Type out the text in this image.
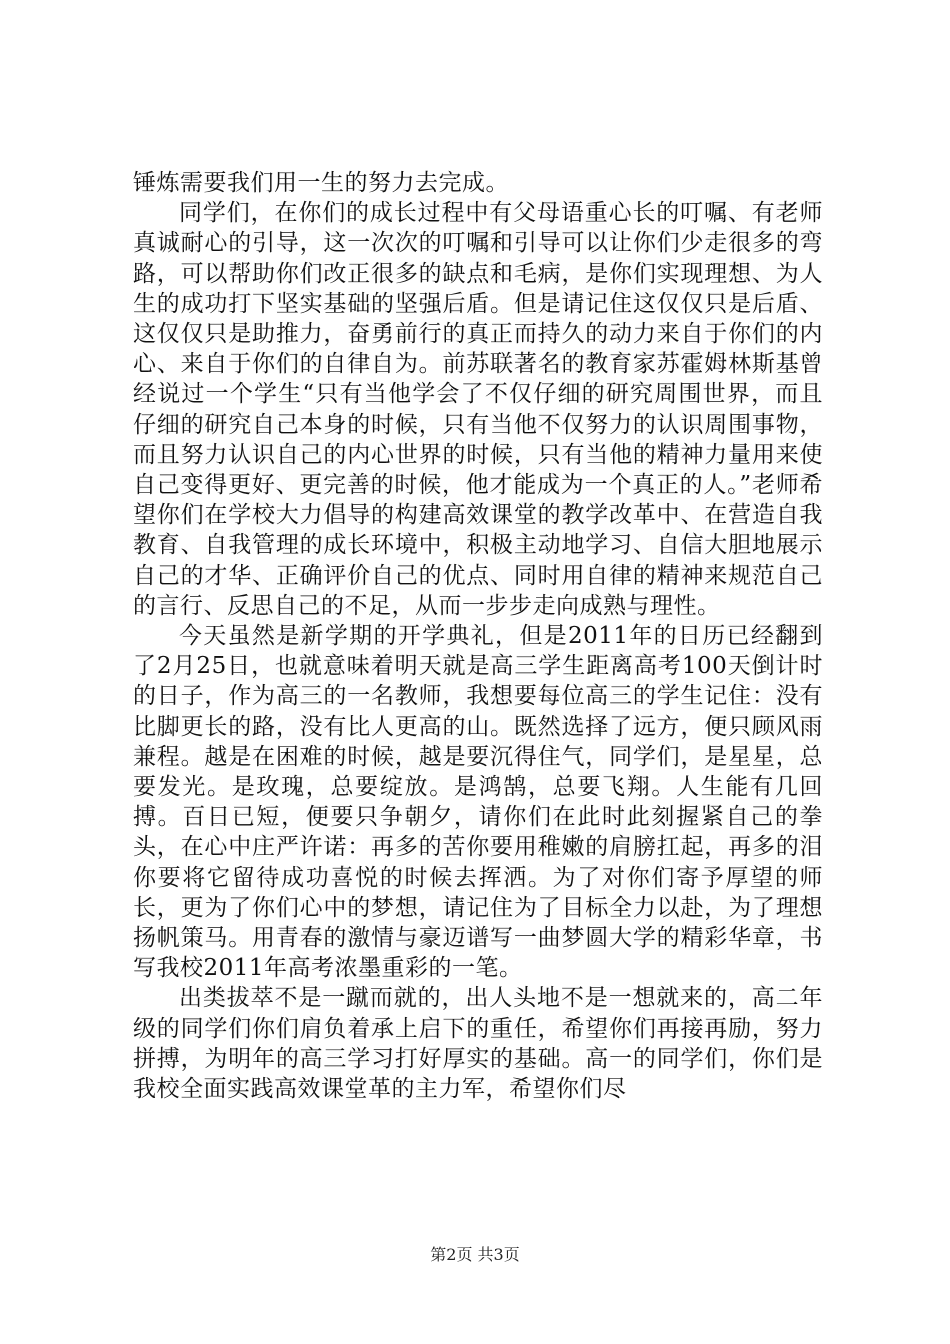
锤炼需要我们用一生的努力去完成。

同学们，在你们的成长过程中有父母语重心长的叮嘱、有老师真诚耐心的引导，这一次次的叮嘱和引导可以让你们少走很多的弯路，可以帮助你们改正很多的缺点和毛病，是你们实现理想、为人生的成功打下坚实基础的坚强后盾。但是请记住这仅仅只是后盾、这仅仅只是助推力，奋勇前行的真正而持久的动力来自于你们的内心、来自于你们的自律自为。前苏联著名的教育家苏霍姆林斯基曾经说过一个学生“只有当他学会了不仅仔细的研究周围世界，而且仔细的研究自己本身的时候，只有当他不仅努力的认识周围事物，而且努力认识自己的内心世界的时候，只有当他的精神力量用来使自己变得更好、更完善的时候，他才能成为一个真正的人。”老师希望你们在学校大力倡导的构建高效课堂的教学改革中、在营造自我教育、自我管理的成长环境中，积极主动地学习、自信大胆地展示自己的才华、正确评价自己的优点、同时用自律的精神来规范自己的言行、反思自己的不足，从而一步步走向成熟与理性。

今天虽然是新学期的开学典礼，但是2011年的日历已经翻到了2月25日，也就意味着明天就是高三学生距离高考100天倒计时的日子，作为高三的一名教师，我想要每位高三的学生记住：没有比脚更长的路，没有比人更高的山。既然选择了远方，便只顾风雨兼程。越是在困难的时候，越是要沉得住气，同学们，是星星，总要发光。是玫瑰，总要绽放。是鸿鹄，总要飞翔。人生能有几回搏。百日已短，便要只争朝夕，请你们在此时此刻握紧自己的拳头，在心中庄严许诺：再多的苦你要用稚嫩的肩膀扛起，再多的泪你要将它留待成功喜悦的时候去挥洒。为了对你们寄予厚望的师长，更为了你们心中的梦想，请记住为了目标全力以赴，为了理想扬帆策马。用青春的激情与豪迈谱写一曲梦圆大学的精彩华章，书写我校2011年高考浓墨重彩的一笔。

出类拔萃不是一蹴而就的，出人头地不是一想就来的，高二年级的同学们你们肩负着承上启下的重任，希望你们再接再励，努力拼搏，为明年的高三学习打好厚实的基础。高一的同学们，你们是我校全面实践高效课堂革的主力军，希望你们尽

第2页 共3页
